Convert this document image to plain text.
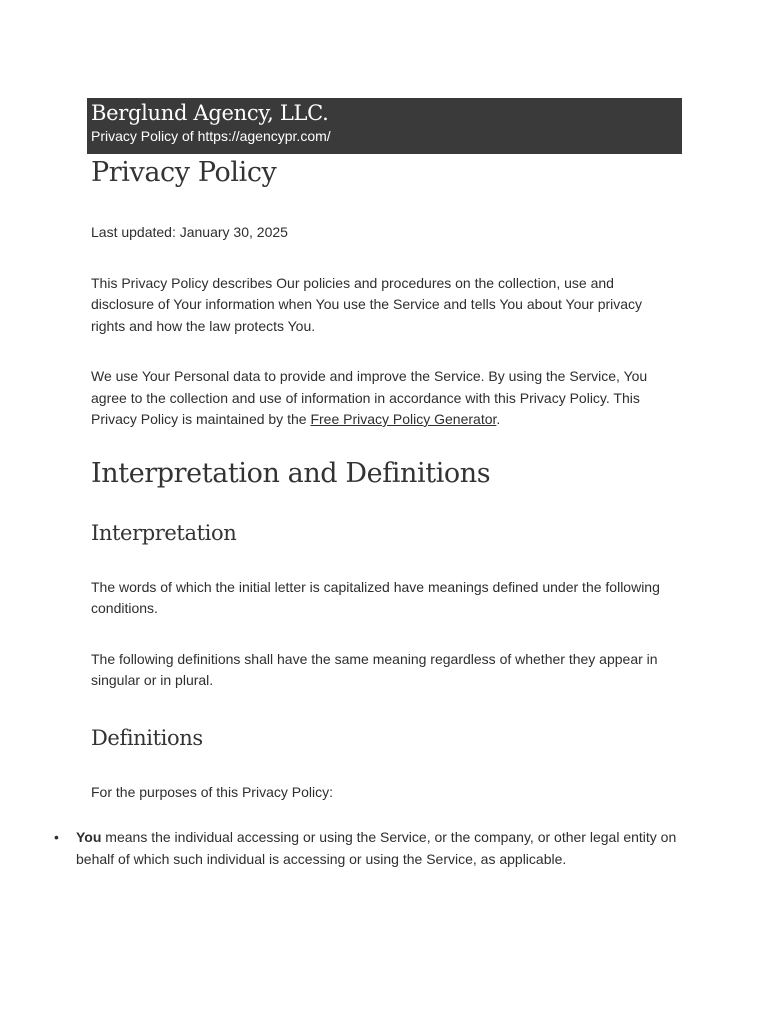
Berglund Agency, LLC.
Privacy Policy of https://agencypr.com/
Privacy Policy

Last updated: January 30, 2025

This Privacy Policy describes Our policies and procedures on the collection, use and disclosure of Your information when You use the Service and tells You about Your privacy rights and how the law protects You.

We use Your Personal data to provide and improve the Service. By using the Service, You agree to the collection and use of information in accordance with this Privacy Policy. This Privacy Policy is maintained by the Free Privacy Policy Generator.

Interpretation and Definitions
Interpretation

The words of which the initial letter is capitalized have meanings defined under the following conditions.

The following definitions shall have the same meaning regardless of whether they appear in singular or in plural.

Definitions

For the purposes of this Privacy Policy:

• You means the individual accessing or using the Service, or the company, or other legal entity on behalf of which such individual is accessing or using the Service, as applicable.
